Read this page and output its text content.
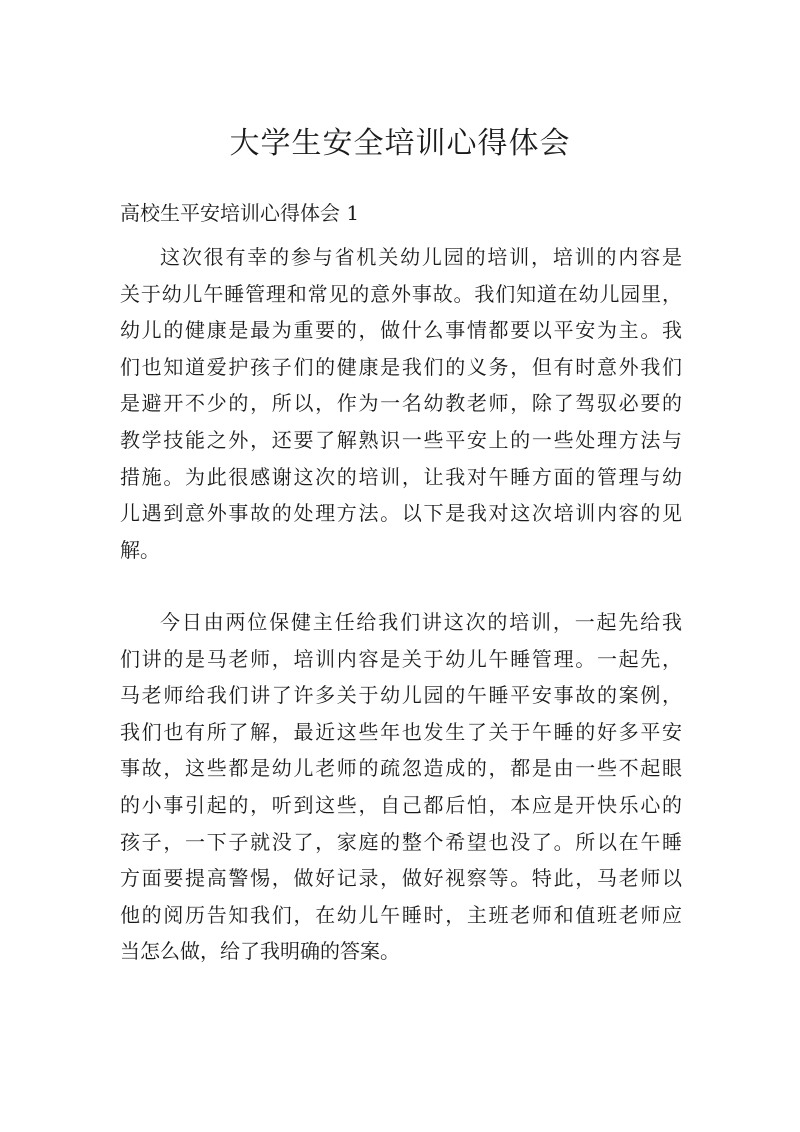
大学生安全培训心得体会
高校生平安培训心得体会 1
这次很有幸的参与省机关幼儿园的培训，培训的内容是
关于幼儿午睡管理和常见的意外事故。我们知道在幼儿园里，
幼儿的健康是最为重要的，做什么事情都要以平安为主。我
们也知道爱护孩子们的健康是我们的义务，但有时意外我们
是避开不少的，所以，作为一名幼教老师，除了驾驭必要的
教学技能之外，还要了解熟识一些平安上的一些处理方法与
措施。为此很感谢这次的培训，让我对午睡方面的管理与幼
儿遇到意外事故的处理方法。以下是我对这次培训内容的见
解。
今日由两位保健主任给我们讲这次的培训，一起先给我
们讲的是马老师，培训内容是关于幼儿午睡管理。一起先，
马老师给我们讲了许多关于幼儿园的午睡平安事故的案例，
我们也有所了解，最近这些年也发生了关于午睡的好多平安
事故，这些都是幼儿老师的疏忽造成的，都是由一些不起眼
的小事引起的，听到这些，自己都后怕，本应是开快乐心的
孩子，一下子就没了，家庭的整个希望也没了。所以在午睡
方面要提高警惕，做好记录，做好视察等。特此，马老师以
他的阅历告知我们，在幼儿午睡时，主班老师和值班老师应
当怎么做，给了我明确的答案。
